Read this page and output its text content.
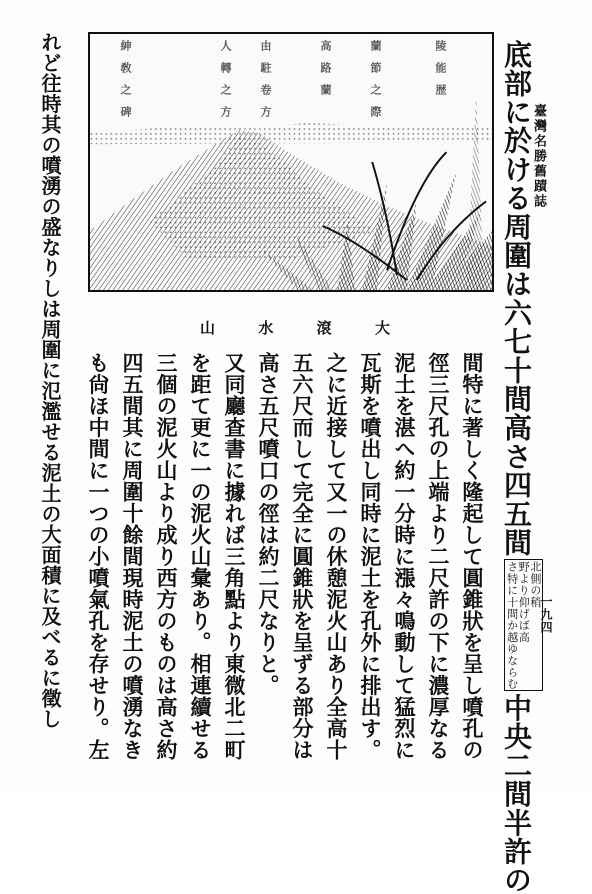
臺灣名勝舊蹟誌
一九四
紳　敎　之　碑	人　轉　之　方 由　駐　卷　方	高　路　蘭	蘭　節　之　際	陵　能　歴
山	水	滾	大	底部に於ける周圍は六七十間高さ四五間北側の稍
野より仰げば高
さ特に十間か越ゆならむ中央二間半許の
間特に著しく隆起して圓錐狀を呈し噴孔の
徑三尺孔の上端より二尺許の下に濃厚なる
泥土を湛へ約一分時に漲々鳴動して猛烈に
瓦斯を噴出し同時に泥土を孔外に排出す。
之に近接して又一の休憩泥火山あり全高十
五六尺而して完全に圓錐狀を呈ずる部分は
高さ五尺噴口の徑は約二尺なりと。
又同廳查書に據れば三角點より東微北二町
を距て更に一の泥火山彙あり。相連續せる
三個の泥火山より成り西方のものは高さ約
四五間其に周圍十餘間現時泥土の噴湧なき
も尙ほ中間に一つの小噴氣孔を存せり。左
れど往時其の噴湧の盛なりしは周圍に氾濫せる泥土の大面積に及べるに徵し
